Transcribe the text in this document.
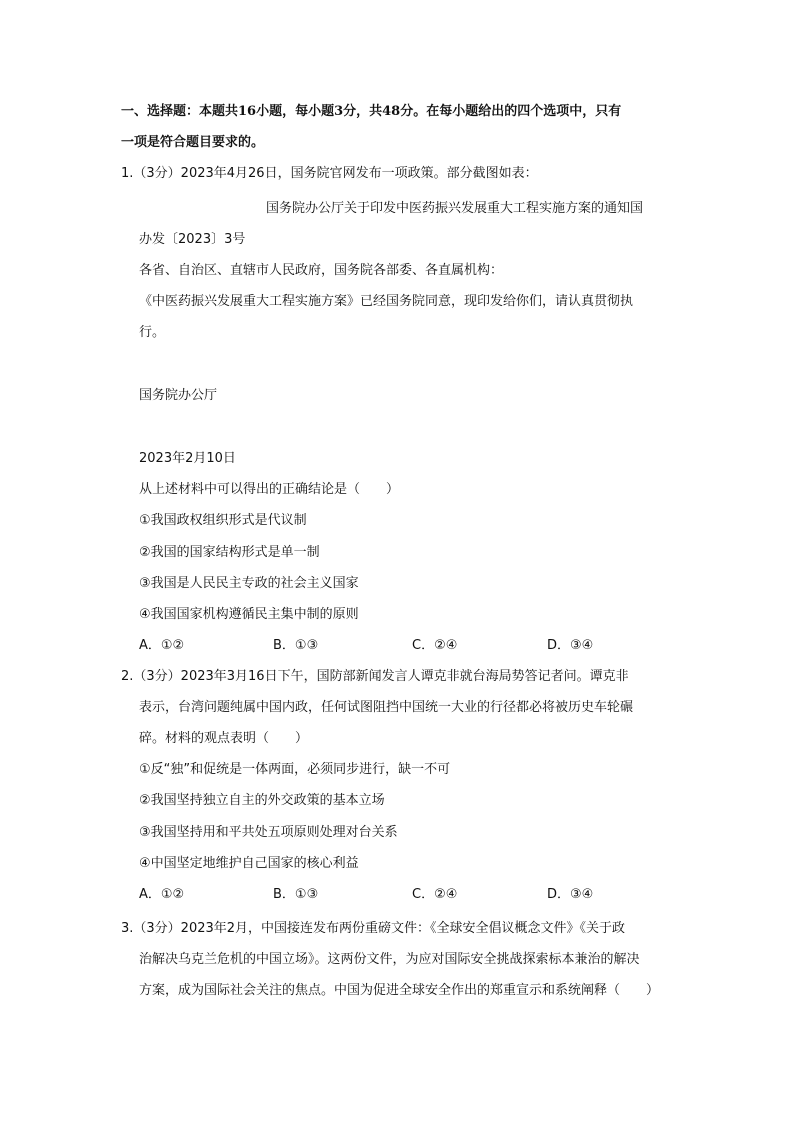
一、选择题：本题共16小题，每小题3分，共48分。在每小题给出的四个选项中，只有
一项是符合题目要求的。
1.（3分）2023年4月26日，国务院官网发布一项政策。部分截图如表：
国务院办公厅关于印发中医药振兴发展重大工程实施方案的通知国
办发〔2023〕3号
各省、自治区、直辖市人民政府，国务院各部委、各直属机构：
《中医药振兴发展重大工程实施方案》已经国务院同意，现印发给你们，请认真贯彻执
行。
国务院办公厅
2023年2月10日
从上述材料中可以得出的正确结论是（　　）
①我国政权组织形式是代议制
②我国的国家结构形式是单一制
③我国是人民民主专政的社会主义国家
④我国国家机构遵循民主集中制的原则
A．①②	B．①③	C．②④	D．③④
2.（3分）2023年3月16日下午，国防部新闻发言人谭克非就台海局势答记者问。谭克非
表示，台湾问题纯属中国内政，任何试图阻挡中国统一大业的行径都必将被历史车轮碾
碎。材料的观点表明（　　）
①反“独”和促统是一体两面，必须同步进行，缺一不可
②我国坚持独立自主的外交政策的基本立场
③我国坚持用和平共处五项原则处理对台关系
④中国坚定地维护自己国家的核心利益
A．①②	B．①③	C．②④	D．③④
3.（3分）2023年2月，中国接连发布两份重磅文件：《全球安全倡议概念文件》《关于政
治解决乌克兰危机的中国立场》。这两份文件，为应对国际安全挑战探索标本兼治的解决
方案，成为国际社会关注的焦点。中国为促进全球安全作出的郑重宣示和系统阐释（　　）
